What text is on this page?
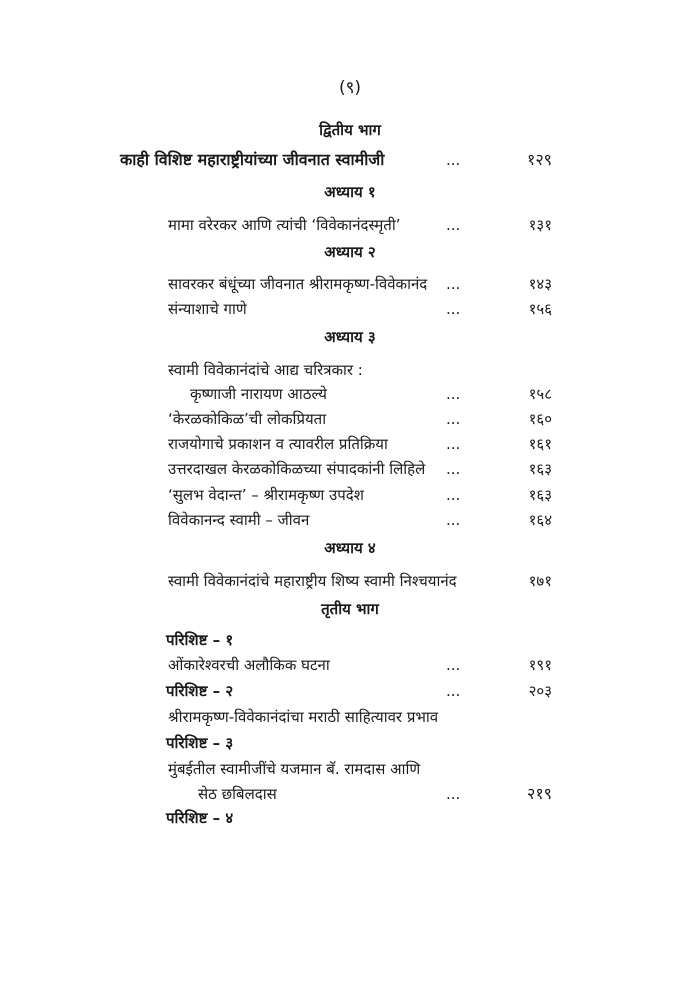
(९)
द्वितीय भाग
काही विशिष्ट महाराष्ट्रीयांच्या जीवनात स्वामीजी	...	१२९
अध्याय १
मामा वरेरकर आणि त्यांची ‘विवेकानंदस्मृती’	...	१३१
अध्याय २
सावरकर बंधूंच्या जीवनात श्रीरामकृष्ण-विवेकानंद ...	१४३
संन्याशाचे गाणे	...	१५६
अध्याय ३
स्वामी विवेकानंदांचे आद्य चरित्रकार :
कृष्णाजी नारायण आठल्ये	...	१५८
‘केरळकोकिळ’ची लोकप्रियता	...	१६०
राजयोगाचे प्रकाशन व त्यावरील प्रतिक्रिया	...	१६१
उत्तरदाखल केरळकोकिळच्या संपादकांनी लिहिले ...	१६३
‘सुलभ वेदान्त’ – श्रीरामकृष्ण उपदेश	...	१६३
विवेकानन्द स्वामी – जीवन	...	१६४
अध्याय ४
स्वामी विवेकानंदांचे महाराष्ट्रीय शिष्य स्वामी निश्चयानंद	१७१
तृतीय भाग
परिशिष्ट – १
ओंकारेश्वरची अलौकिक घटना	...	१९१
परिशिष्ट – २	...	२०३
श्रीरामकृष्ण-विवेकानंदांचा मराठी साहित्यावर प्रभाव
परिशिष्ट – ३
मुंबईतील स्वामीजींचे यजमान बॅ. रामदास आणि
सेठ छबिलदास	...	२१९
परिशिष्ट – ४
